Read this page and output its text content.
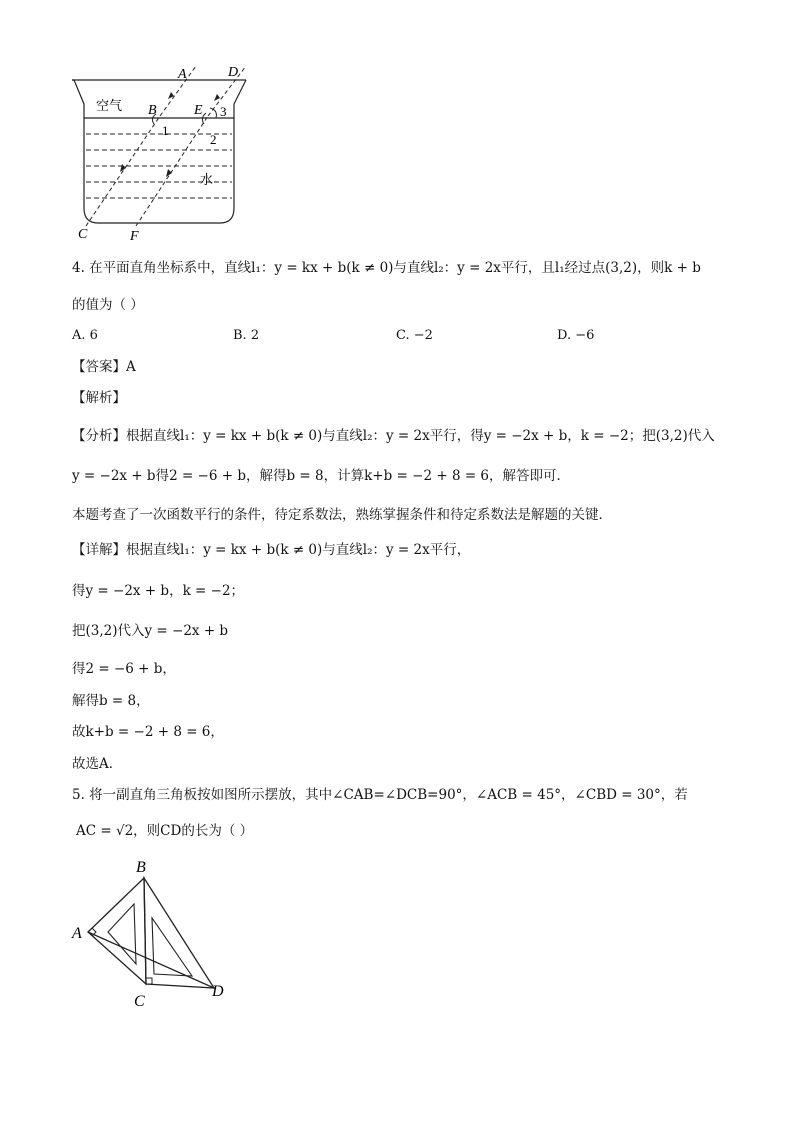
A	D
B	E
1
2
3
C	F
空气
水
4. 在平面直角坐标系中，直线l₁：y = kx + b(k ≠ 0)与直线l₂：y = 2x平行，且l₁经过点(3,2)，则k + b
的值为（ ）
A. 6	B. 2	C. −2	D. −6
【答案】A
【解析】
【分析】根据直线l₁：y = kx + b(k ≠ 0)与直线l₂：y = 2x平行，得y = −2x + b，k = −2；把(3,2)代入
y = −2x + b得2 = −6 + b，解得b = 8，计算k+b = −2 + 8 = 6，解答即可．
本题考查了一次函数平行的条件，待定系数法，熟练掌握条件和待定系数法是解题的关键．
【详解】根据直线l₁：y = kx + b(k ≠ 0)与直线l₂：y = 2x平行，
得y = −2x + b，k = −2；
把(3,2)代入y = −2x + b
得2 = −6 + b，
解得b = 8，
故k+b = −2 + 8 = 6，
故选A．
5. 将一副直角三角板按如图所示摆放，其中∠CAB=∠DCB=90°，∠ACB = 45°，∠CBD = 30°，若
AC = √2，则CD的长为（ ）
A
B
C
D
